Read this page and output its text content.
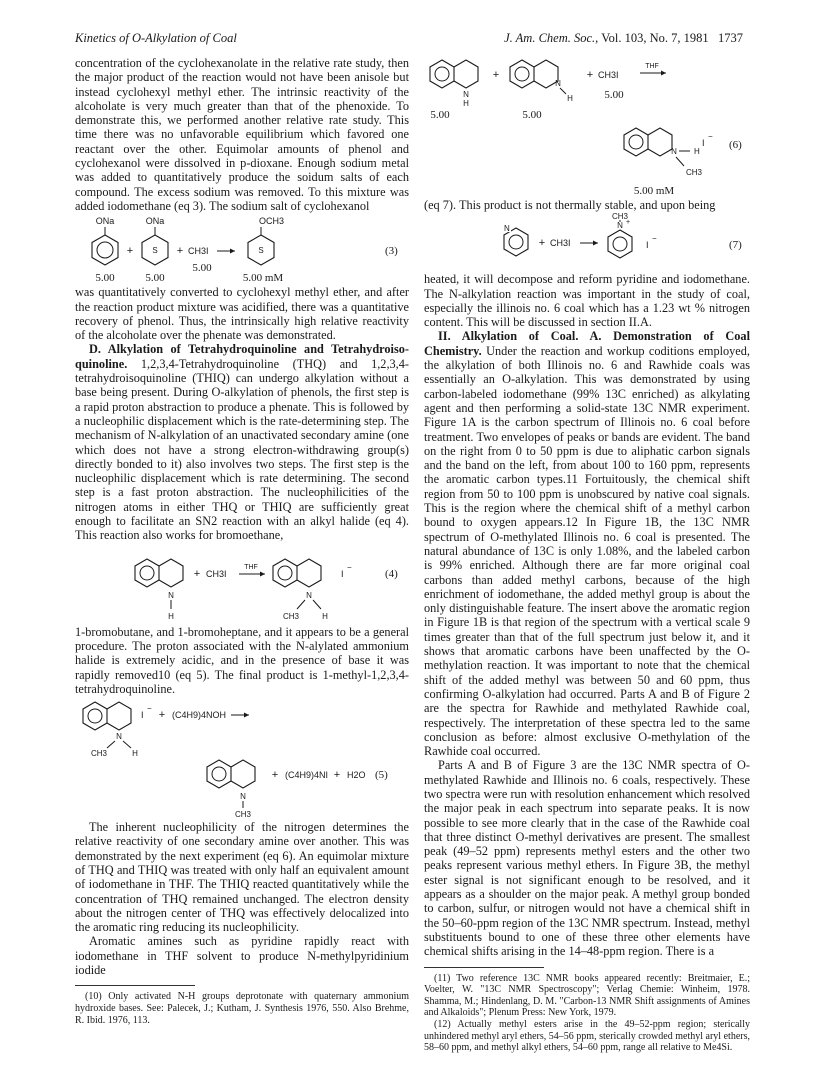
Kinetics of O-Alkylation of Coal	J. Am. Chem. Soc., Vol. 103, No. 7, 1981 1737

concentration of the cyclohexanolate in the relative rate study, then the major product of the reaction would not have been anisole but instead cyclohexyl methyl ether. The intrinsic reactivity of the alcoholate is very much greater than that of the phenoxide. To demonstrate this, we performed another relative rate study. This time there was no unfavorable equilibrium which favored one reactant over the other. Equimolar amounts of phenol and cyclohexanol were dissolved in p-dioxane. Enough sodium metal was added to quantitatively produce the soidum salts of each compound. The excess sodium was removed. To this mixture was added iodomethane (eq 3). The sodium salt of cyclohexanol

ONa
+ S
ONa
+ CH3I	S
OCH3
(3)
5.00	5.00
5.00
5.00 mM

was quantitatively converted to cyclohexyl methyl ether, and after the reaction product mixture was acidified, there was a quantitative recovery of phenol. Thus, the intrinsically high relative reactivity of the alcoholate over the phenate was demonstrated.

D. Alkylation of Tetrahydroquinoline and Tetrahydroiso-quinoline. 1,2,3,4-Tetrahydroquinoline (THQ) and 1,2,3,4-tetrahydroisoquinoline (THIQ) can undergo alkylation without a base being present. During O-alkylation of phenols, the first step is a rapid proton abstraction to produce a phenate. This is followed by a nucleophilic displacement which is the rate-determining step. The mechanism of N-alkylation of an unactivated secondary amine (one which does not have a strong electron-withdrawing group(s) directly bonded to it) also involves two steps. The first step is the nucleophilic displacement which is rate determining. The second step is a fast proton abstraction. The nucleophilicities of the nitrogen atoms in either THQ or THIQ are sufficiently great enough to facilitate an SN2 reaction with an alkyl halide (eq 4). This reaction also works for bromoethane,

N
H
+ CH3I
THF
N
CH3	H
I
−
(4)

1-bromobutane, and 1-bromoheptane, and it appears to be a general procedure. The proton associated with the N-alylated ammonium halide is extremely acidic, and in the presence of base it was rapidly removed10 (eq 5). The final product is 1-methyl-1,2,3,4-tetrahydroquinoline.

N
CH3	H
I
−
+ (C4H9)4NOH
N
CH3
+ (C4H9)4NI + H2O (5)

The inherent nucleophilicity of the nitrogen determines the relative reactivity of one secondary amine over another. This was demonstrated by the next experiment (eq 6). An equimolar mixture of THQ and THIQ was treated with only half an equivalent amount of iodomethane in THF. The THIQ reacted quantitatively while the concentration of THQ remained unchanged. The electron density about the nitrogen center of THQ was effectively delocalized into the aromatic ring reducing its nucleophilicity.

Aromatic amines such as pyridine rapidly react with iodomethane in THF solvent to produce N-methylpyridinium iodide

(10) Only activated N-H groups deprotonate with quaternary ammonium hydroxide bases. See: Palecek, J.; Kutham, J. Synthesis 1976, 550. Also Brehme, R. Ibid. 1976, 113.

N
H
+
N
H
+ CH3I
THF
5.00	5.00
5.00
N H
CH3
I
−
(6)
5.00 mM

(eq 7). This product is not thermally stable, and upon being

N
+ CH3I
N +
CH3
I
−
(7)

heated, it will decompose and reform pyridine and iodomethane. The N-alkylation reaction was important in the study of coal, especially the illinois no. 6 coal which has a 1.23 wt % nitrogen content. This will be discussed in section II.A.

II. Alkylation of Coal. A. Demonstration of Coal Chemistry. Under the reaction and workup coditions employed, the alkylation of both Illinois no. 6 and Rawhide coals was essentially an O-alkylation. This was demonstrated by using carbon-labeled iodomethane (99% 13C enriched) as alkylating agent and then performing a solid-state 13C NMR experiment. Figure 1A is the carbon spectrum of Illinois no. 6 coal before treatment. Two envelopes of peaks or bands are evident. The band on the right from 0 to 50 ppm is due to aliphatic carbon signals and the band on the left, from about 100 to 160 ppm, represents the aromatic carbon types.11 Fortuitously, the chemical shift region from 50 to 100 ppm is unobscured by native coal signals. This is the region where the chemical shift of a methyl carbon bound to oxygen appears.12 In Figure 1B, the 13C NMR spectrum of O-methylated Illinois no. 6 coal is presented. The natural abundance of 13C is only 1.08%, and the labeled carbon is 99% enriched. Although there are far more original coal carbons than added methyl carbons, because of the high enrichment of iodomethane, the added methyl group is about the only distinguishable feature. The insert above the aromatic region in Figure 1B is that region of the spectrum with a vertical scale 9 times greater than that of the full spectrum just below it, and it shows that aromatic carbons have been unaffected by the O-methylation reaction. It was important to note that the chemical shift of the added methyl was between 50 and 60 ppm, thus confirming O-alkylation had occurred. Parts A and B of Figure 2 are the spectra for Rawhide and methylated Rawhide coal, respectively. The interpretation of these spectra led to the same conclusion as before: almost exclusive O-methylation of the Rawhide coal occurred.

Parts A and B of Figure 3 are the 13C NMR spectra of O-methylated Rawhide and Illinois no. 6 coals, respectively. These two spectra were run with resolution enhancement which resolved the major peak in each spectrum into separate peaks. It is now possible to see more clearly that in the case of the Rawhide coal that three distinct O-methyl derivatives are present. The smallest peak (49–52 ppm) represents methyl esters and the other two peaks represent various methyl ethers. In Figure 3B, the methyl ester signal is not significant enough to be resolved, and it appears as a shoulder on the major peak. A methyl group bonded to carbon, sulfur, or nitrogen would not have a chemical shift in the 50–60-ppm region of the 13C NMR spectrum. Instead, methyl substituents bound to one of these three other elements have chemical shifts arising in the 14–48-ppm region. There is a

(11) Two reference 13C NMR books appeared recently: Breitmaier, E.; Voelter, W. "13C NMR Spectroscopy"; Verlag Chemie: Winheim, 1978. Shamma, M.; Hindenlang, D. M. "Carbon-13 NMR Shift assignments of Amines and Alkaloids"; Plenum Press: New York, 1979.

(12) Actually methyl esters arise in the 49–52-ppm region; sterically unhindered methyl aryl ethers, 54–56 ppm, sterically crowded methyl aryl ethers, 58–60 ppm, and methyl alkyl ethers, 54–60 ppm, range all relative to Me4Si.
